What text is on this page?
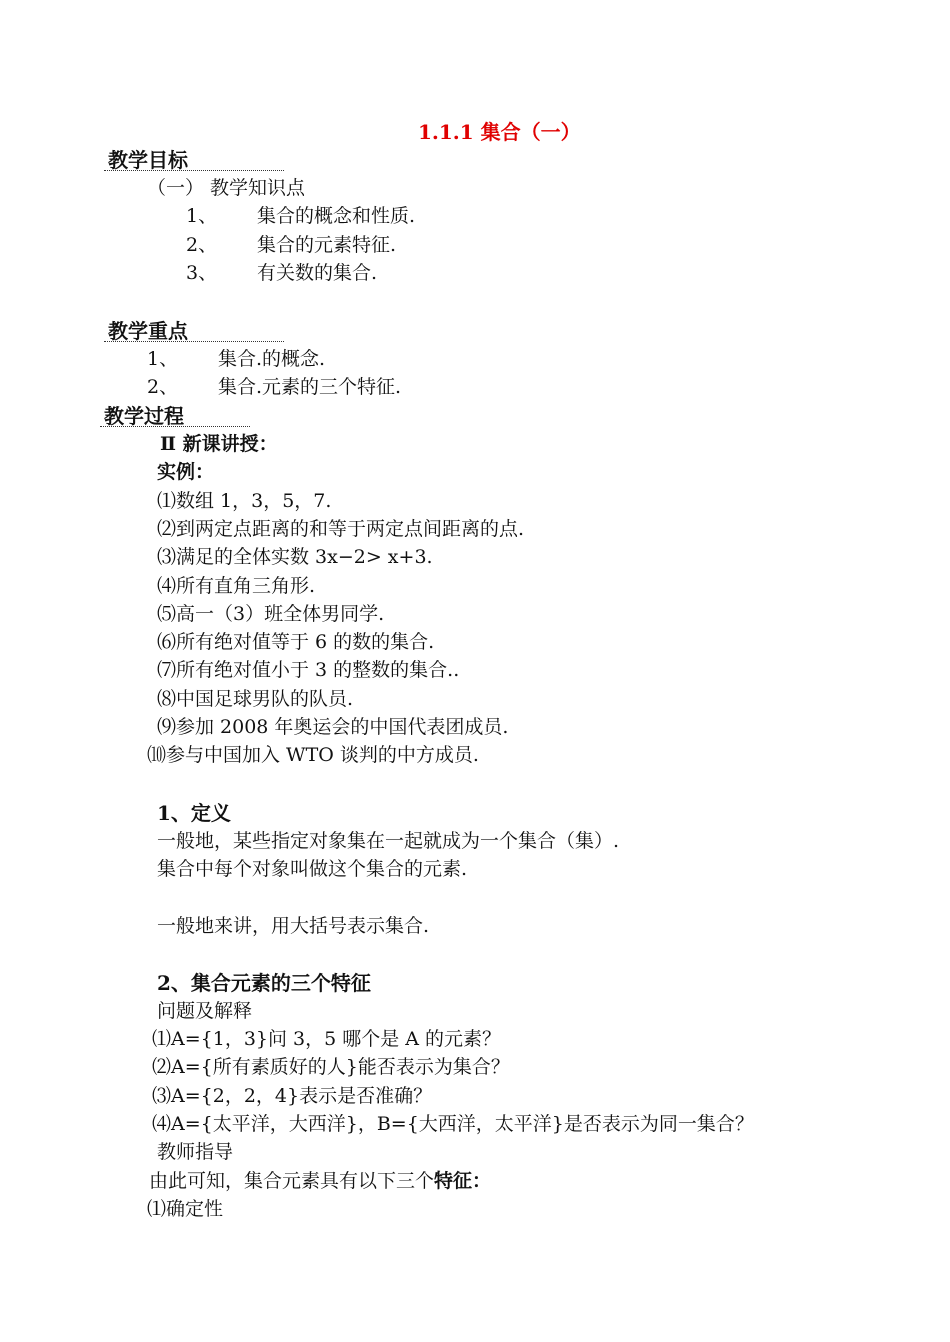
1.1.1 集合（一）
教学目标
（一） 教学知识点
1、 集合的概念和性质.
2、 集合的元素特征.
3、 有关数的集合.
教学重点
1、 集合.的概念.
2、 集合.元素的三个特征.
教学过程
Ⅱ 新课讲授：
实例：
⑴数组 1，3，5，7.
⑵到两定点距离的和等于两定点间距离的点.
⑶满足的全体实数 3x−2> x+3.
⑷所有直角三角形.
⑸高一（3）班全体男同学.
⑹所有绝对值等于 6 的数的集合.
⑺所有绝对值小于 3 的整数的集合..
⑻中国足球男队的队员.
⑼参加 2008 年奥运会的中国代表团成员.
⑽参与中国加入 WTO 谈判的中方成员.
1、定义
一般地，某些指定对象集在一起就成为一个集合（集）.
集合中每个对象叫做这个集合的元素.
一般地来讲，用大括号表示集合.
2、集合元素的三个特征
问题及解释
⑴A={1，3}问 3，5 哪个是 A 的元素？
⑵A={所有素质好的人}能否表示为集合？
⑶A={2，2，4}表示是否准确？
⑷A={太平洋，大西洋}，B={大西洋，太平洋}是否表示为同一集合？
教师指导
由此可知，集合元素具有以下三个特征：
⑴确定性
